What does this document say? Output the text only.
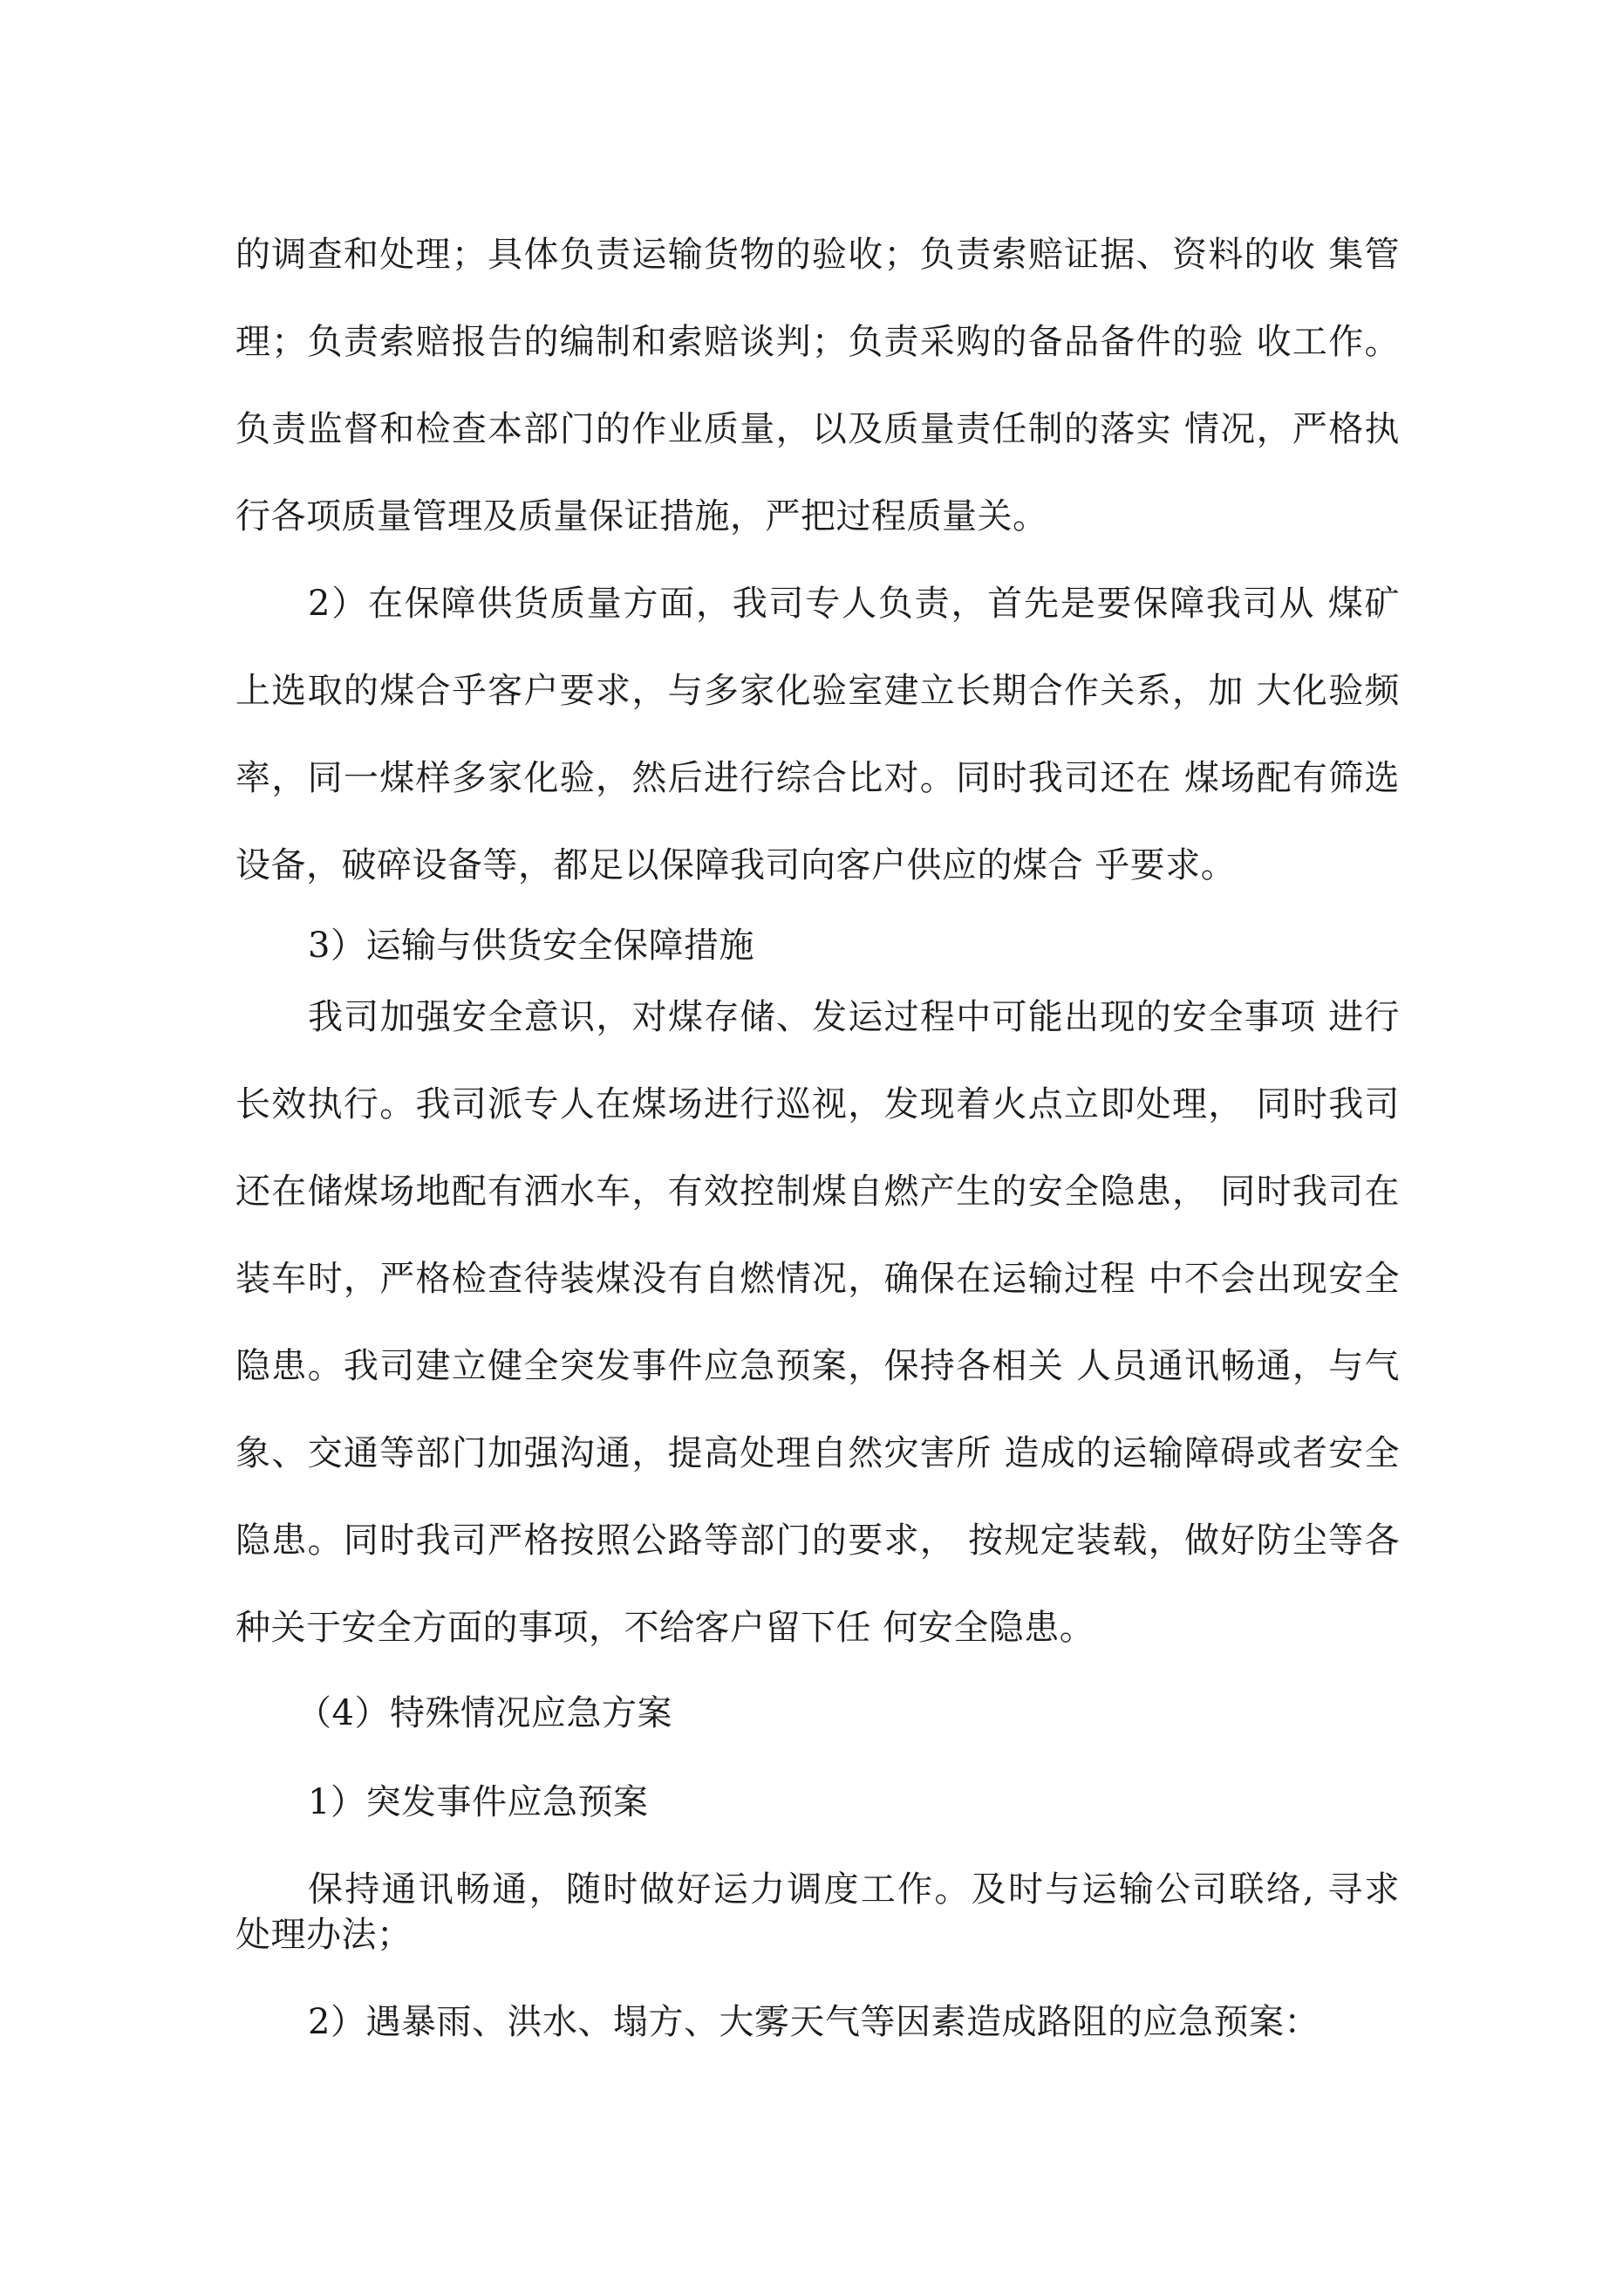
的调查和处理；具体负责运输货物的验收；负责索赔证据、资料的收 集管
理；负责索赔报告的编制和索赔谈判；负责采购的备品备件的验 收工作。
负责监督和检查本部门的作业质量，以及质量责任制的落实 情况，严格执
行各项质量管理及质量保证措施，严把过程质量关。
2）在保障供货质量方面，我司专人负责，首先是要保障我司从 煤矿
上选取的煤合乎客户要求，与多家化验室建立长期合作关系，加 大化验频
率，同一煤样多家化验，然后进行综合比对。同时我司还在 煤场配有筛选
设备，破碎设备等，都足以保障我司向客户供应的煤合 乎要求。
3）运输与供货安全保障措施
我司加强安全意识，对煤存储、发运过程中可能出现的安全事项 进行
长效执行。我司派专人在煤场进行巡视，发现着火点立即处理， 同时我司
还在储煤场地配有洒水车，有效控制煤自燃产生的安全隐患， 同时我司在
装车时，严格检查待装煤没有自燃情况，确保在运输过程 中不会出现安全
隐患。我司建立健全突发事件应急预案，保持各相关 人员通讯畅通，与气
象、交通等部门加强沟通，提高处理自然灾害所 造成的运输障碍或者安全
隐患。同时我司严格按照公路等部门的要求， 按规定装载，做好防尘等各
种关于安全方面的事项，不给客户留下任 何安全隐患。
（4）特殊情况应急方案
1）突发事件应急预案
保持通讯畅通，随时做好运力调度工作。及时与运输公司联络, 寻求
处理办法；
2）遇暴雨、洪水、塌方、大雾天气等因素造成路阻的应急预案：
